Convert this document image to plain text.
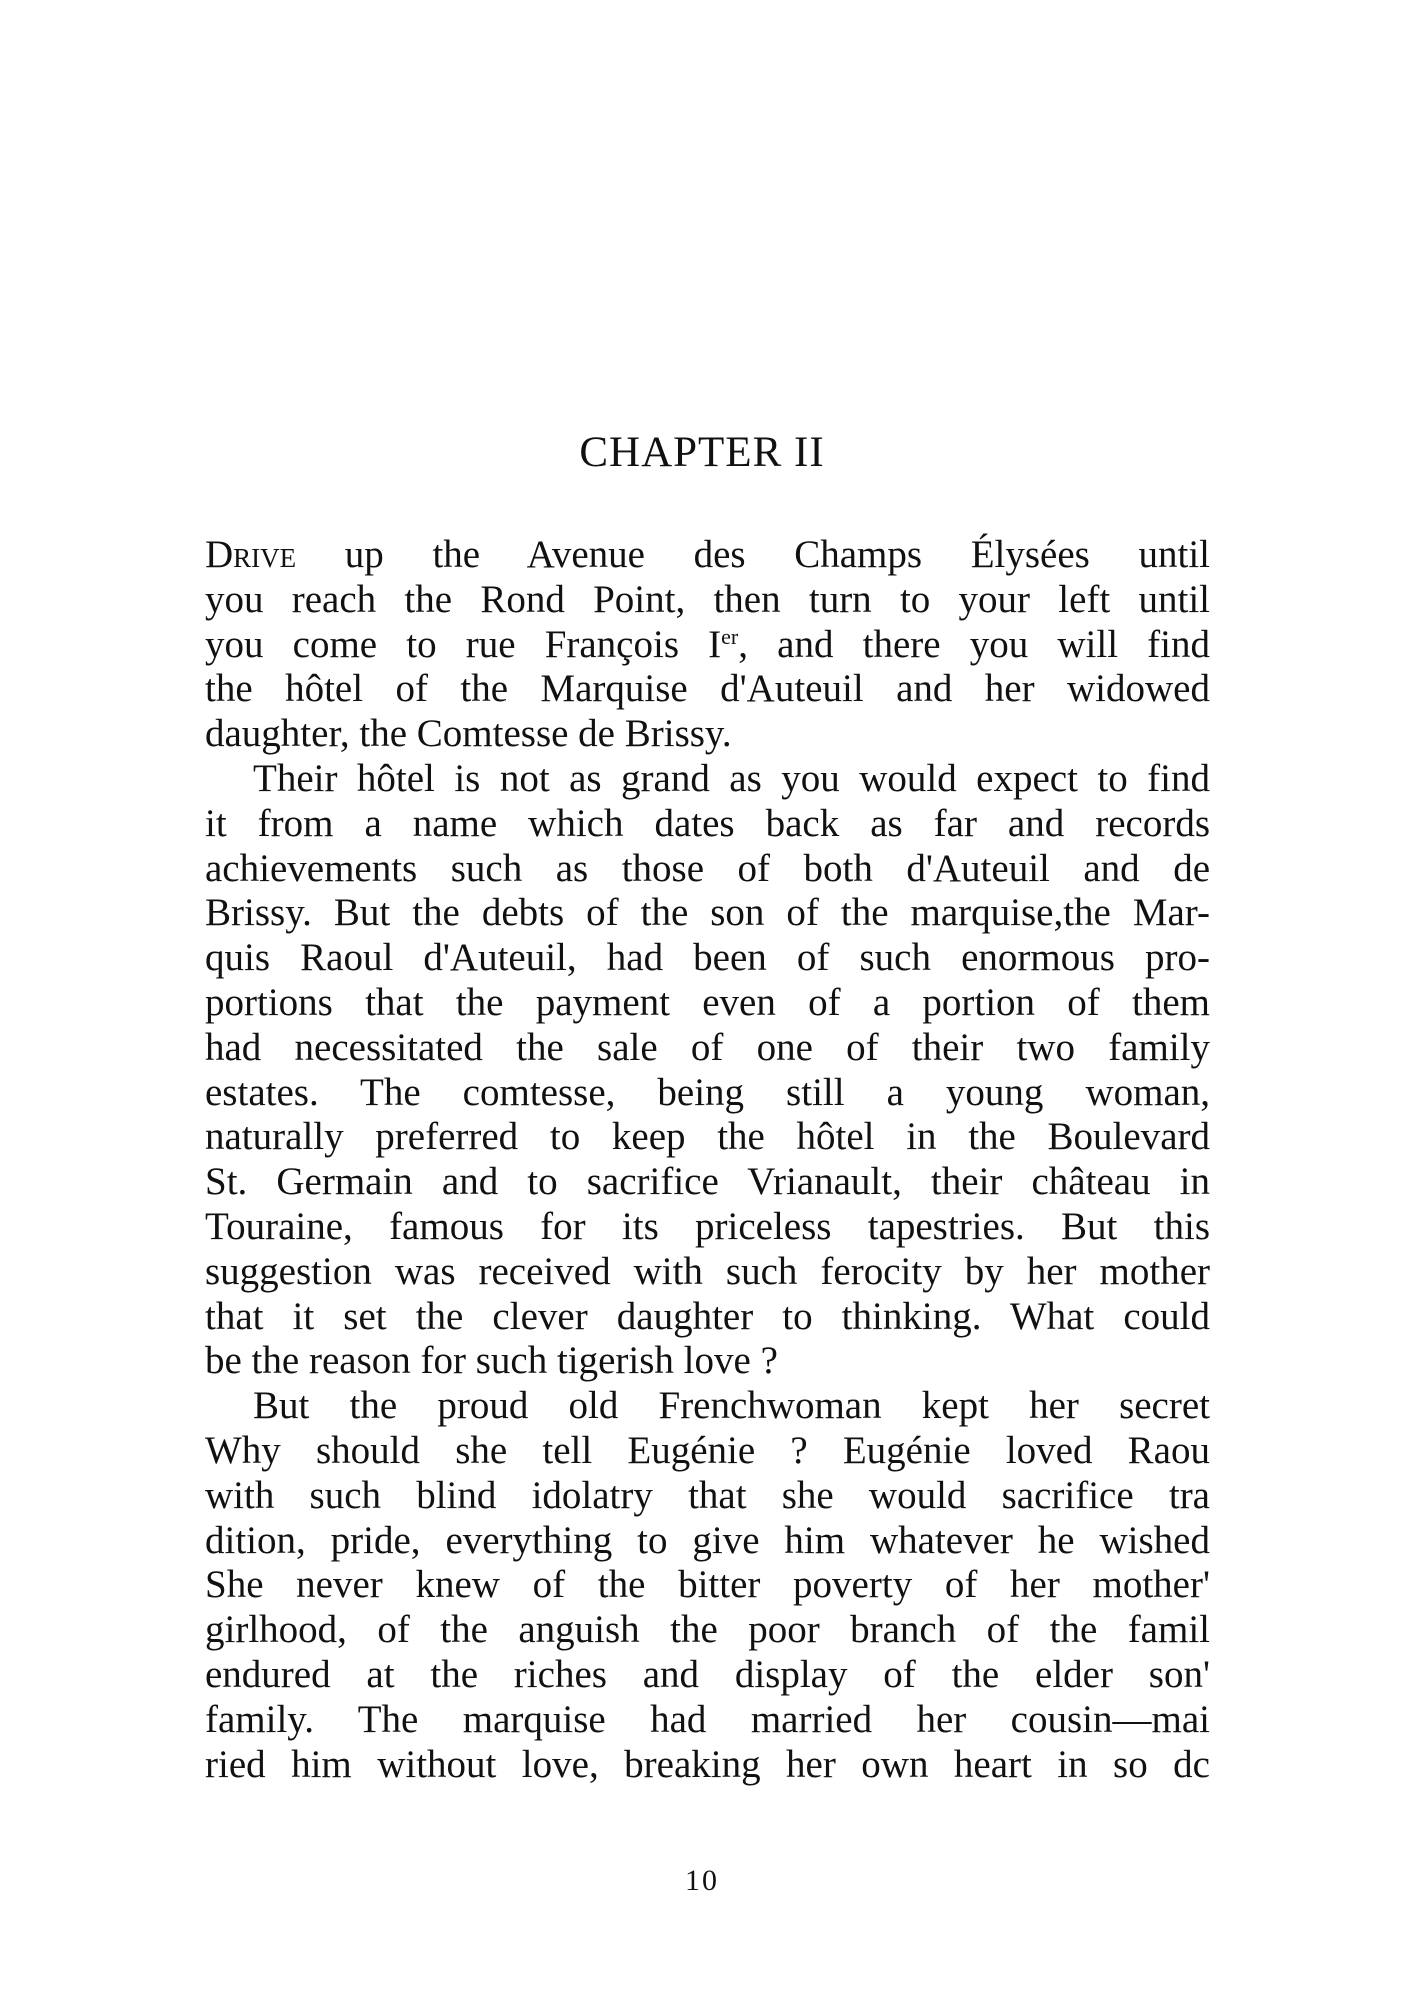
CHAPTER II
Drive up the Avenue des Champs Élysées until
you reach the Rond Point, then turn to your left until
you come to rue François Ier, and there you will find
the hôtel of the Marquise d'Auteuil and her widowed
daughter, the Comtesse de Brissy.
Their hôtel is not as grand as you would expect to find
it from a name which dates back as far and records
achievements such as those of both d'Auteuil and de
Brissy. But the debts of the son of the marquise,the Mar-
quis Raoul d'Auteuil, had been of such enormous pro-
portions that the payment even of a portion of them
had necessitated the sale of one of their two family
estates. The comtesse, being still a young woman,
naturally preferred to keep the hôtel in the Boulevard
St. Germain and to sacrifice Vrianault, their château in
Touraine, famous for its priceless tapestries. But this
suggestion was received with such ferocity by her mother
that it set the clever daughter to thinking. What could
be the reason for such tigerish love ?
But the proud old Frenchwoman kept her secret
Why should she tell Eugénie ? Eugénie loved Raou
with such blind idolatry that she would sacrifice tra
dition, pride, everything to give him whatever he wished
She never knew of the bitter poverty of her mother'
girlhood, of the anguish the poor branch of the famil
endured at the riches and display of the elder son'
family. The marquise had married her cousin—mai
ried him without love, breaking her own heart in so dc
10
